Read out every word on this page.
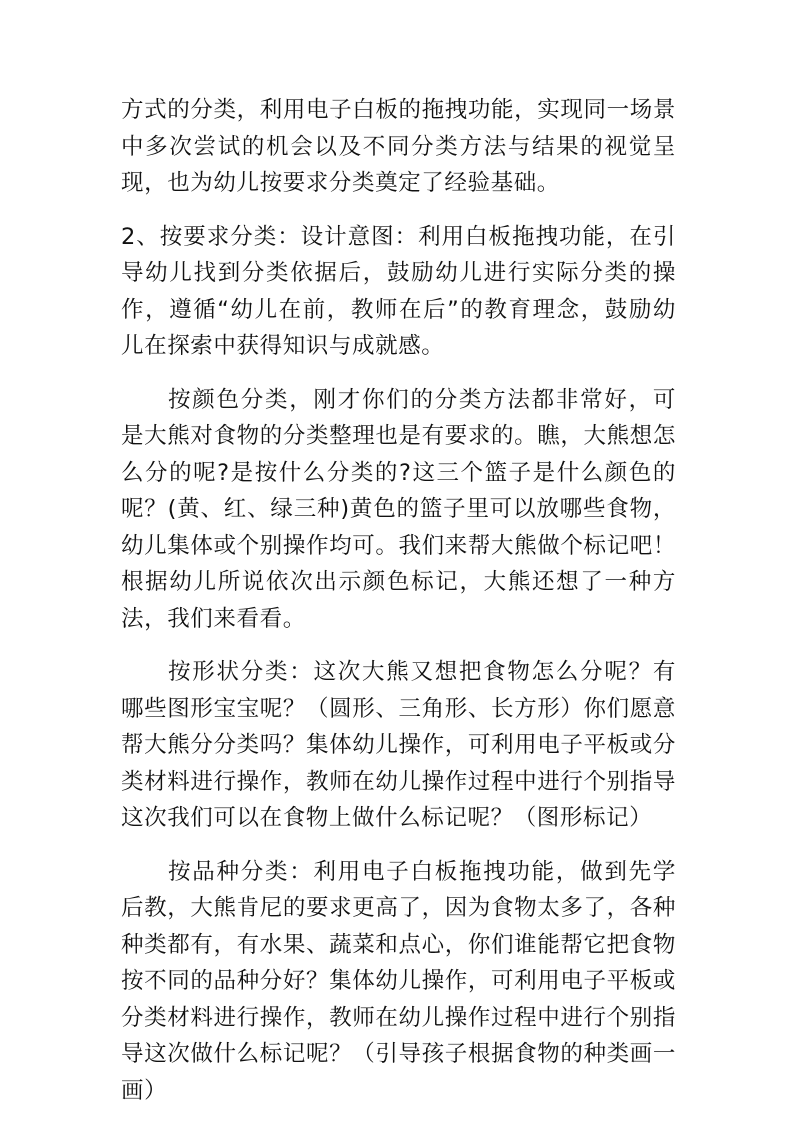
方式的分类，利用电子白板的拖拽功能，实现同一场景中多次尝试的机会以及不同分类方法与结果的视觉呈现，也为幼儿按要求分类奠定了经验基础。

2、按要求分类：设计意图：利用白板拖拽功能，在引导幼儿找到分类依据后，鼓励幼儿进行实际分类的操作，遵循“幼儿在前，教师在后”的教育理念，鼓励幼儿在探索中获得知识与成就感。

按颜色分类，刚才你们的分类方法都非常好，可是大熊对食物的分类整理也是有要求的。瞧，大熊想怎么分的呢?是按什么分类的?这三个篮子是什么颜色的呢？(黄、红、绿三种)黄色的篮子里可以放哪些食物，幼儿集体或个别操作均可。我们来帮大熊做个标记吧！根据幼儿所说依次出示颜色标记，大熊还想了一种方法，我们来看看。

按形状分类：这次大熊又想把食物怎么分呢？有哪些图形宝宝呢？（圆形、三角形、长方形）你们愿意帮大熊分分类吗？集体幼儿操作，可利用电子平板或分类材料进行操作，教师在幼儿操作过程中进行个别指导这次我们可以在食物上做什么标记呢？（图形标记）

按品种分类：利用电子白板拖拽功能，做到先学后教，大熊肯尼的要求更高了，因为食物太多了，各种种类都有，有水果、蔬菜和点心，你们谁能帮它把食物按不同的品种分好？集体幼儿操作，可利用电子平板或分类材料进行操作，教师在幼儿操作过程中进行个别指导这次做什么标记呢？（引导孩子根据食物的种类画一画）
